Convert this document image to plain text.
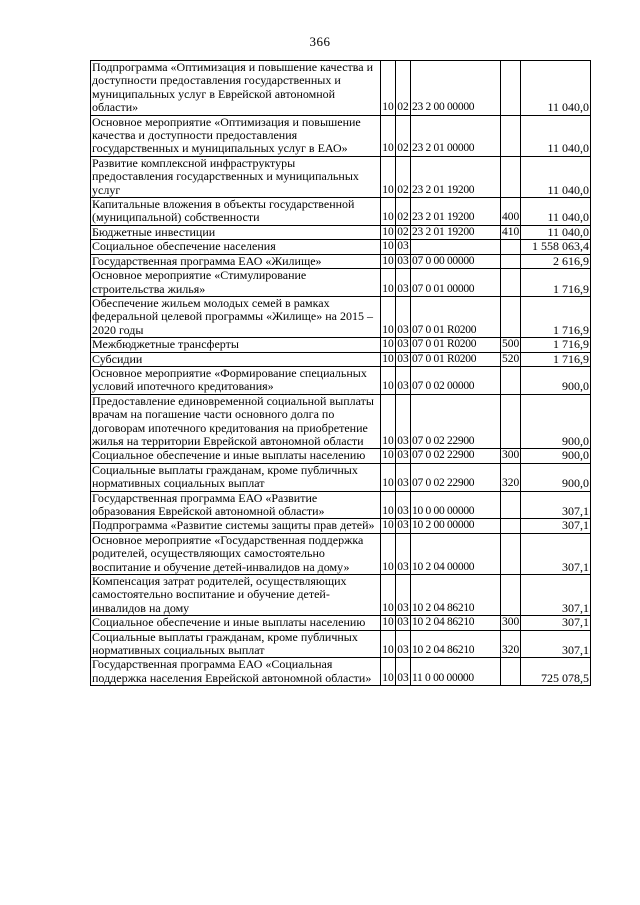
366
Подпрограмма «Оптимизация и повышение качества и доступности предоставления государственных и муниципальных услуг в Еврейской автономной области»	10	02	23 2 00 00000		11 040,0
Основное мероприятие «Оптимизация и повышение качества и доступности предоставления государственных и муниципальных услуг в ЕАО»	10	02	23 2 01 00000		11 040,0
Развитие комплексной инфраструктуры предоставления государственных и муниципальных услуг	10	02	23 2 01 19200		11 040,0
Капитальные вложения в объекты государственной (муниципальной) собственности	10	02	23 2 01 19200	400	11 040,0
Бюджетные инвестиции	10	02	23 2 01 19200	410	11 040,0
Социальное обеспечение населения	10	03			1 558 063,4
Государственная программа ЕАО «Жилище»	10	03	07 0 00 00000		2 616,9
Основное мероприятие «Стимулирование строительства жилья»	10	03	07 0 01 00000		1 716,9
Обеспечение жильем молодых семей в рамках федеральной целевой программы «Жилище» на 2015 – 2020 годы	10	03	07 0 01 R0200		1 716,9
Межбюджетные трансферты	10	03	07 0 01 R0200	500	1 716,9
Субсидии	10	03	07 0 01 R0200	520	1 716,9
Основное мероприятие «Формирование специальных условий ипотечного кредитования»	10	03	07 0 02 00000		900,0
Предоставление единовременной социальной выплаты врачам на погашение части основного долга по договорам ипотечного кредитования на приобретение жилья на территории Еврейской автономной области	10	03	07 0 02 22900		900,0
Социальное обеспечение и иные выплаты населению	10	03	07 0 02 22900	300	900,0
Социальные выплаты гражданам, кроме публичных нормативных социальных выплат	10	03	07 0 02 22900	320	900,0
Государственная программа ЕАО «Развитие образования Еврейской автономной области»	10	03	10 0 00 00000		307,1
Подпрограмма «Развитие системы защиты прав детей»	10	03	10 2 00 00000		307,1
Основное мероприятие «Государственная поддержка родителей, осуществляющих самостоятельно воспитание и обучение детей-инвалидов на дому»	10	03	10 2 04 00000		307,1
Компенсация затрат родителей, осуществляющих самостоятельно воспитание и обучение детей-инвалидов на дому	10	03	10 2 04 86210		307,1
Социальное обеспечение и иные выплаты населению	10	03	10 2 04 86210	300	307,1
Социальные выплаты гражданам, кроме публичных нормативных социальных выплат	10	03	10 2 04 86210	320	307,1
Государственная программа ЕАО «Социальная поддержка населения Еврейской автономной области»	10	03	11 0 00 00000		725 078,5
